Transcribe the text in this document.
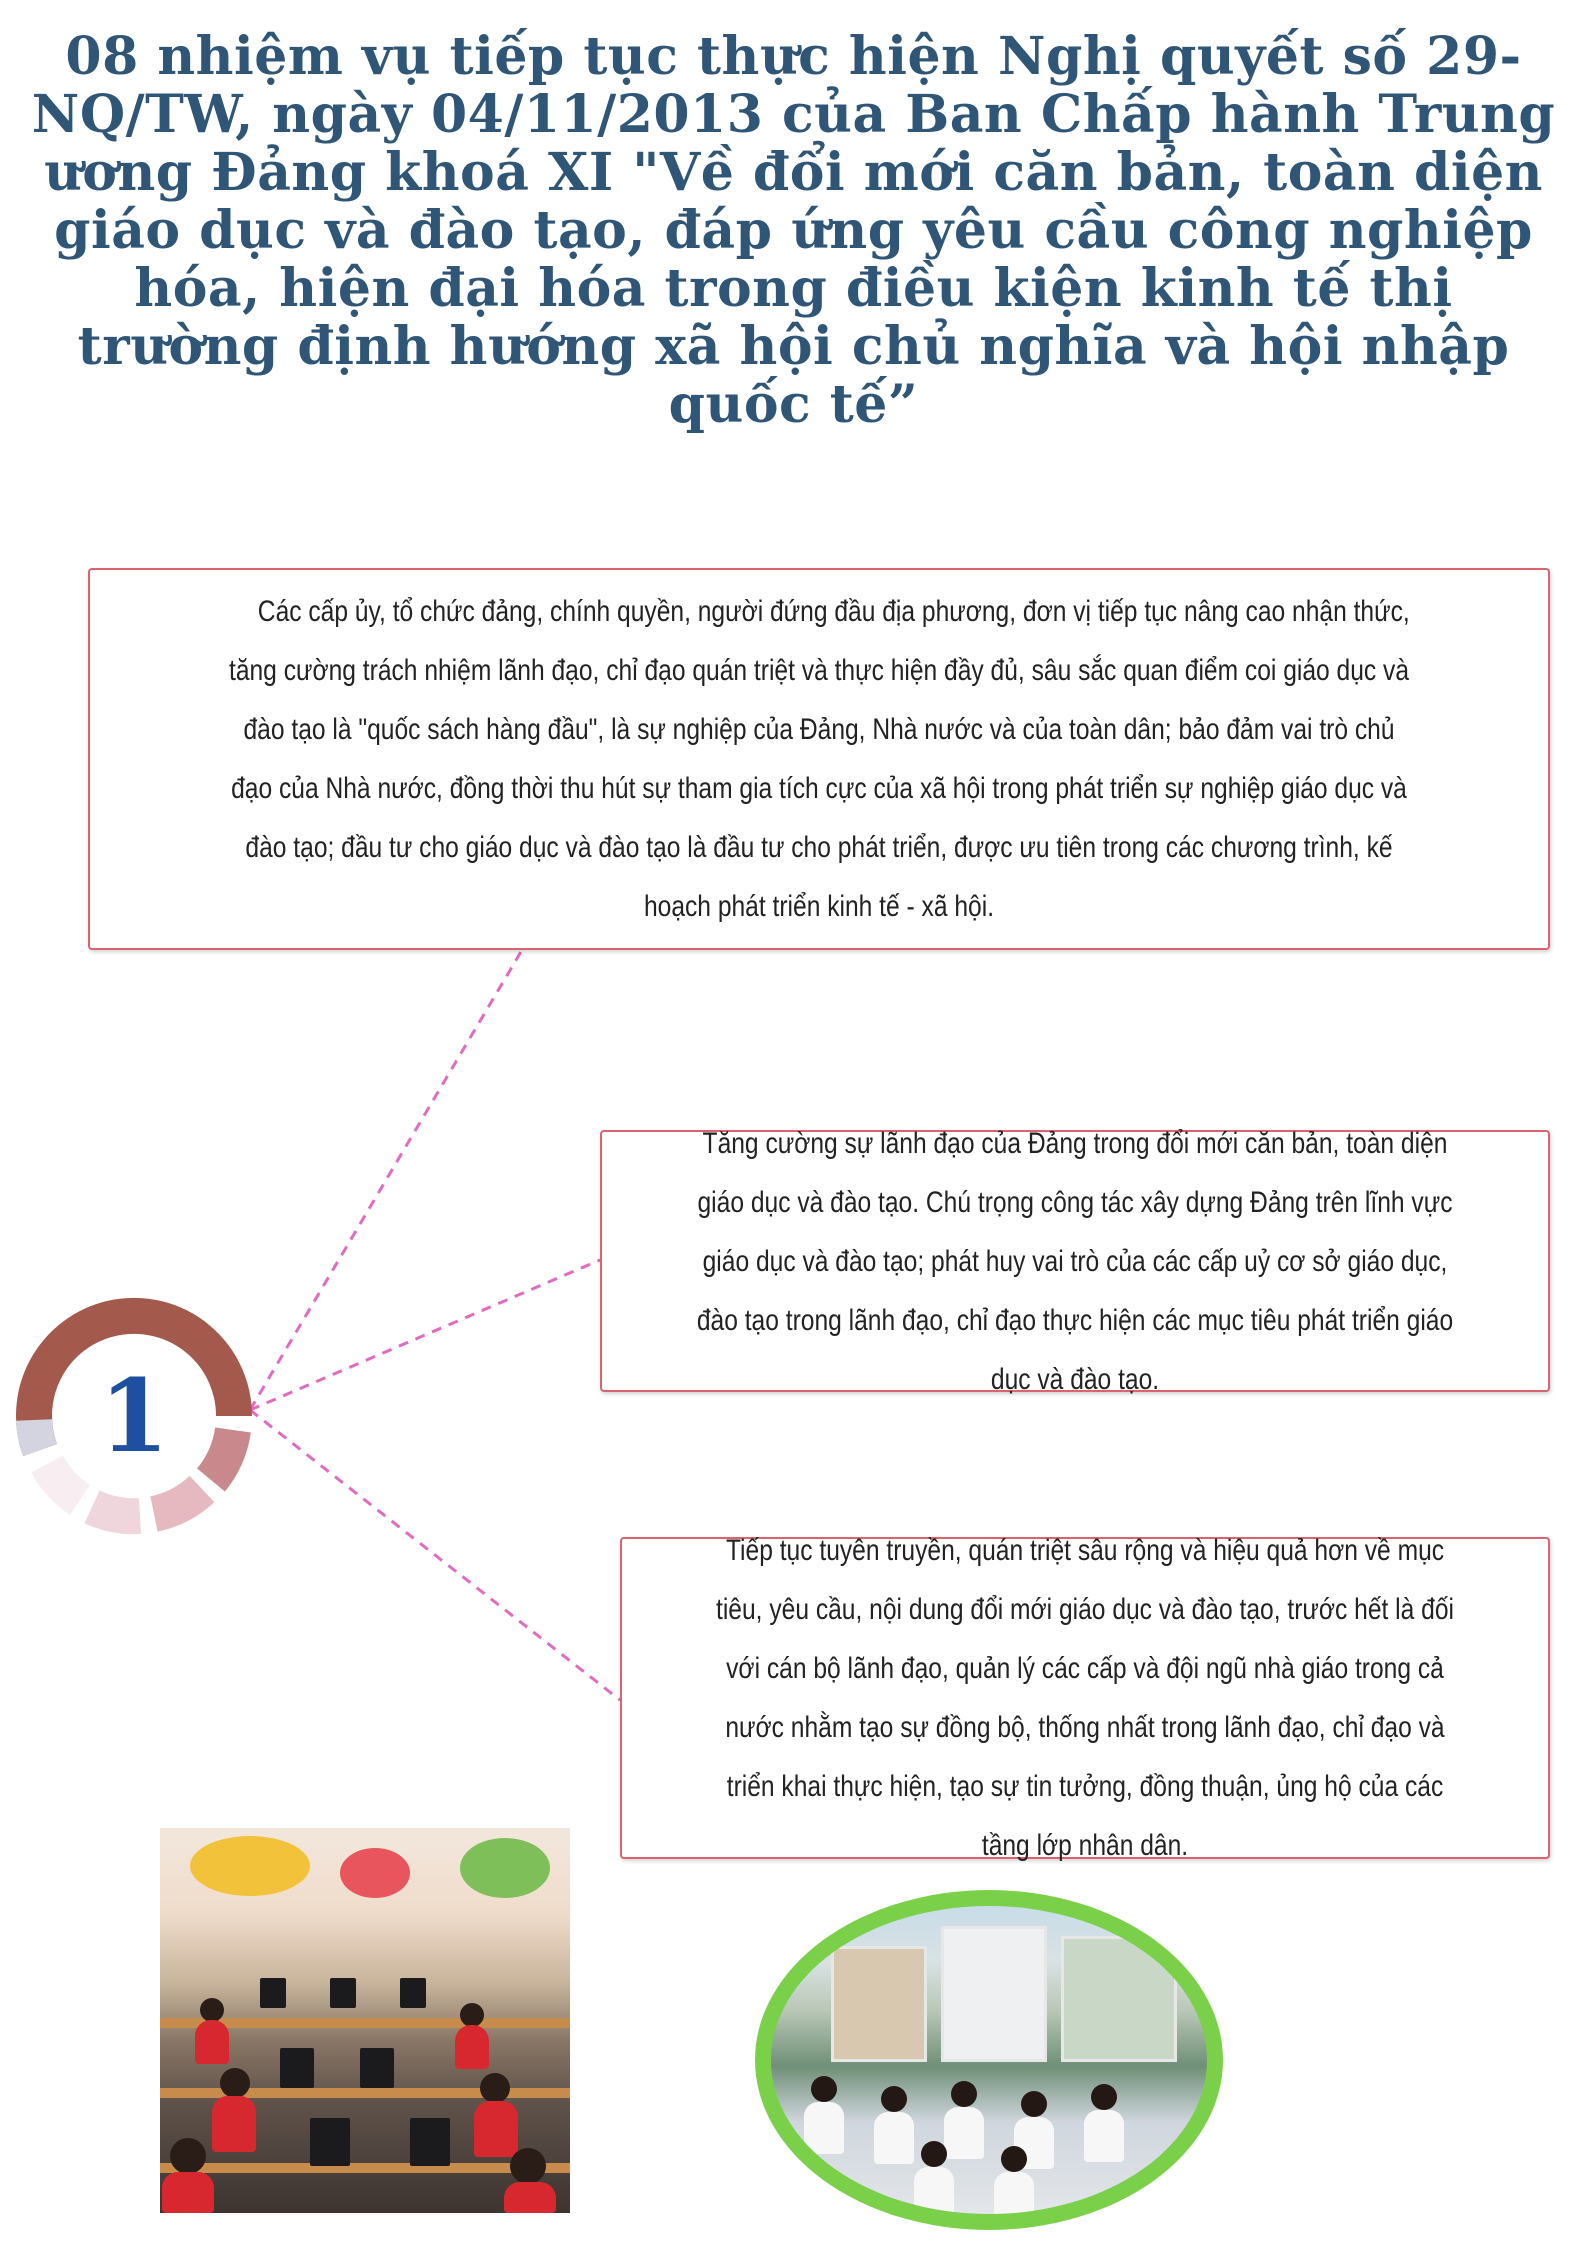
08 nhiệm vụ tiếp tục thực hiện Nghị quyết số 29-NQ/TW, ngày 04/11/2013 của Ban Chấp hành Trung ương Đảng khoá XI "Về đổi mới căn bản, toàn diện giáo dục và đào tạo, đáp ứng yêu cầu công nghiệp hóa, hiện đại hóa trong điều kiện kinh tế thị trường định hướng xã hội chủ nghĩa và hội nhập quốc tế”

Các cấp ủy, tổ chức đảng, chính quyền, người đứng đầu địa phương, đơn vị tiếp tục nâng cao nhận thức, tăng cường trách nhiệm lãnh đạo, chỉ đạo quán triệt và thực hiện đầy đủ, sâu sắc quan điểm coi giáo dục và đào tạo là "quốc sách hàng đầu", là sự nghiệp của Đảng, Nhà nước và của toàn dân; bảo đảm vai trò chủ đạo của Nhà nước, đồng thời thu hút sự tham gia tích cực của xã hội trong phát triển sự nghiệp giáo dục và đào tạo; đầu tư cho giáo dục và đào tạo là đầu tư cho phát triển, được ưu tiên trong các chương trình, kế hoạch phát triển kinh tế - xã hội.

Tăng cường sự lãnh đạo của Đảng trong đổi mới căn bản, toàn diện giáo dục và đào tạo. Chú trọng công tác xây dựng Đảng trên lĩnh vực giáo dục và đào tạo; phát huy vai trò của các cấp uỷ cơ sở giáo dục, đào tạo trong lãnh đạo, chỉ đạo thực hiện các mục tiêu phát triển giáo dục và đào tạo.

Tiếp tục tuyên truyền, quán triệt sâu rộng và hiệu quả hơn về mục tiêu, yêu cầu, nội dung đổi mới giáo dục và đào tạo, trước hết là đối với cán bộ lãnh đạo, quản lý các cấp và đội ngũ nhà giáo trong cả nước nhằm tạo sự đồng bộ, thống nhất trong lãnh đạo, chỉ đạo và triển khai thực hiện, tạo sự tin tưởng, đồng thuận, ủng hộ của các tầng lớp nhân dân.

1
